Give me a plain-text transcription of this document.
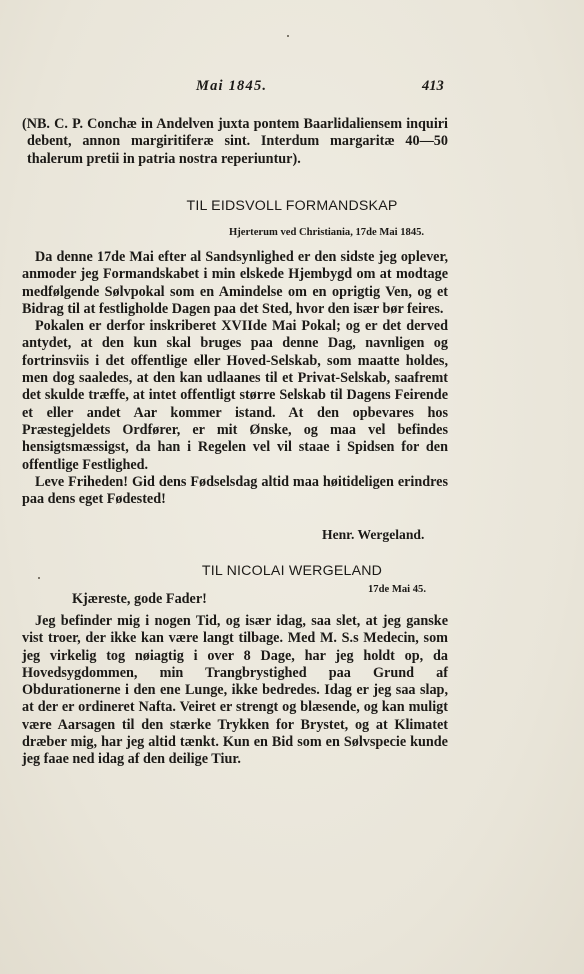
Mai 1845.	413

(NB. C. P. Conchæ in Andelven juxta pontem Baarlidaliensem inquiri debent, annon margiritiferæ sint. Interdum margaritæ 40—50 thalerum pretii in patria nostra reperiuntur).

TIL EIDSVOLL FORMANDSKAP
Hjerterum ved Christiania, 17de Mai 1845.

Da denne 17de Mai efter al Sandsynlighed er den sidste jeg oplever, anmoder jeg Formandskabet i min elskede Hjembygd om at modtage medfølgende Sølvpokal som en Amindelse om en oprigtig Ven, og et Bidrag til at festligholde Dagen paa det Sted, hvor den især bør feires.

Pokalen er derfor inskriberet XVIIde Mai Pokal; og er det derved antydet, at den kun skal bruges paa denne Dag, navnligen og fortrinsviis i det offentlige eller Hoved-Selskab, som maatte holdes, men dog saaledes, at den kan udlaanes til et Privat-Selskab, saafremt det skulde træffe, at intet offentligt større Selskab til Dagens Feirende et eller andet Aar kommer istand. At den opbevares hos Præstegjeldets Ordfører, er mit Ønske, og maa vel befindes hensigtsmæssigst, da han i Regelen vel vil staae i Spidsen for den offentlige Festlighed.

Leve Friheden! Gid dens Fødselsdag altid maa høitideligen erindres paa dens eget Fødested!

Henr. Wergeland.
TIL NICOLAI WERGELAND
17de Mai 45.
Kjæreste, gode Fader!

Jeg befinder mig i nogen Tid, og især idag, saa slet, at jeg ganske vist troer, der ikke kan være langt tilbage. Med M. S.s Medecin, som jeg virkelig tog nøiagtig i over 8 Dage, har jeg holdt op, da Hovedsygdommen, min Trangbrystighed paa Grund af Obdurationerne i den ene Lunge, ikke bedredes. Idag er jeg saa slap, at der er ordineret Nafta. Veiret er strengt og blæsende, og kan muligt være Aarsagen til den stærke Trykken for Brystet, og at Klimatet dræber mig, har jeg altid tænkt. Kun en Bid som en Sølvspecie kunde jeg faae ned idag af den deilige Tiur.
